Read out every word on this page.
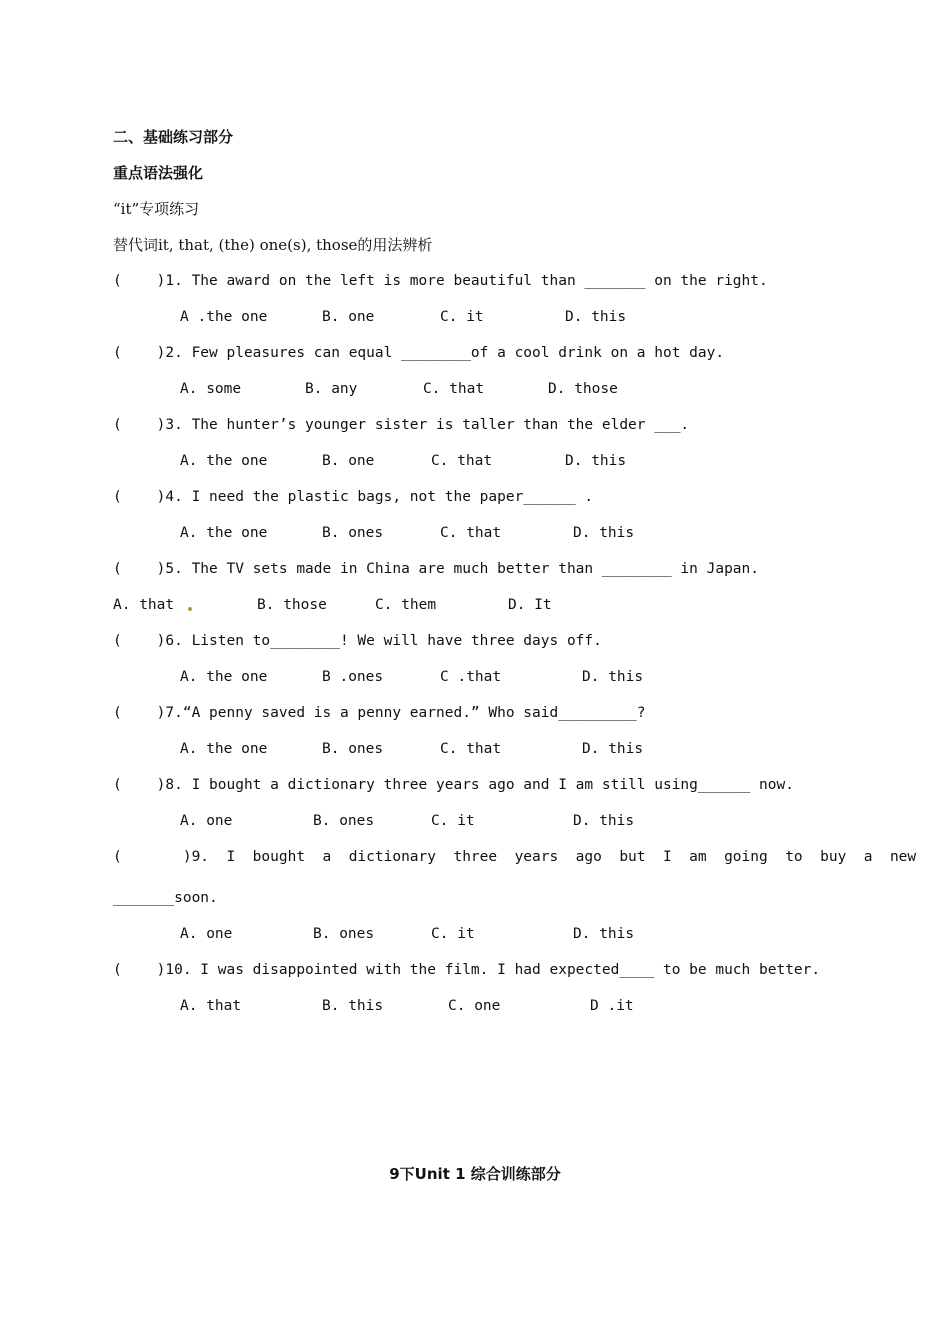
二、基础练习部分
重点语法强化
“it”专项练习
替代词it, that, (the) one(s), those的用法辨析
(    )1. The award on the left is more beautiful than _______ on the right.
A .the one	B. one	C. it	D. this
(    )2. Few pleasures can equal ________of a cool drink on a hot day.
A. some	B. any	C. that	D. those
(    )3. The hunter’s younger sister is taller than the elder ___.
A. the one	B. one	C. that	D. this
(    )4. I need the plastic bags, not the paper______ .
A. the one	B. ones	C. that	D. this
(    )5. The TV sets made in China are much better than ________ in Japan.
A. that	B. those	C. them	D. It
(    )6. Listen to________! We will have three days off.
A. the one	B .ones	C .that	D. this
(    )7.“A penny saved is a penny earned.” Who said_________?
A. the one	B. ones	C. that	D. this
(    )8. I bought a dictionary three years ago and I am still using______ now.
A. one	B. ones	C. it	D. this
(       )9.  I  bought  a  dictionary  three  years  ago  but  I  am  going  to  buy  a  new
_______soon.
A. one	B. ones	C. it	D. this
(    )10. I was disappointed with the film. I had expected____ to be much better.
A. that	B. this	C. one	D .it
9下Unit 1 综合训练部分
